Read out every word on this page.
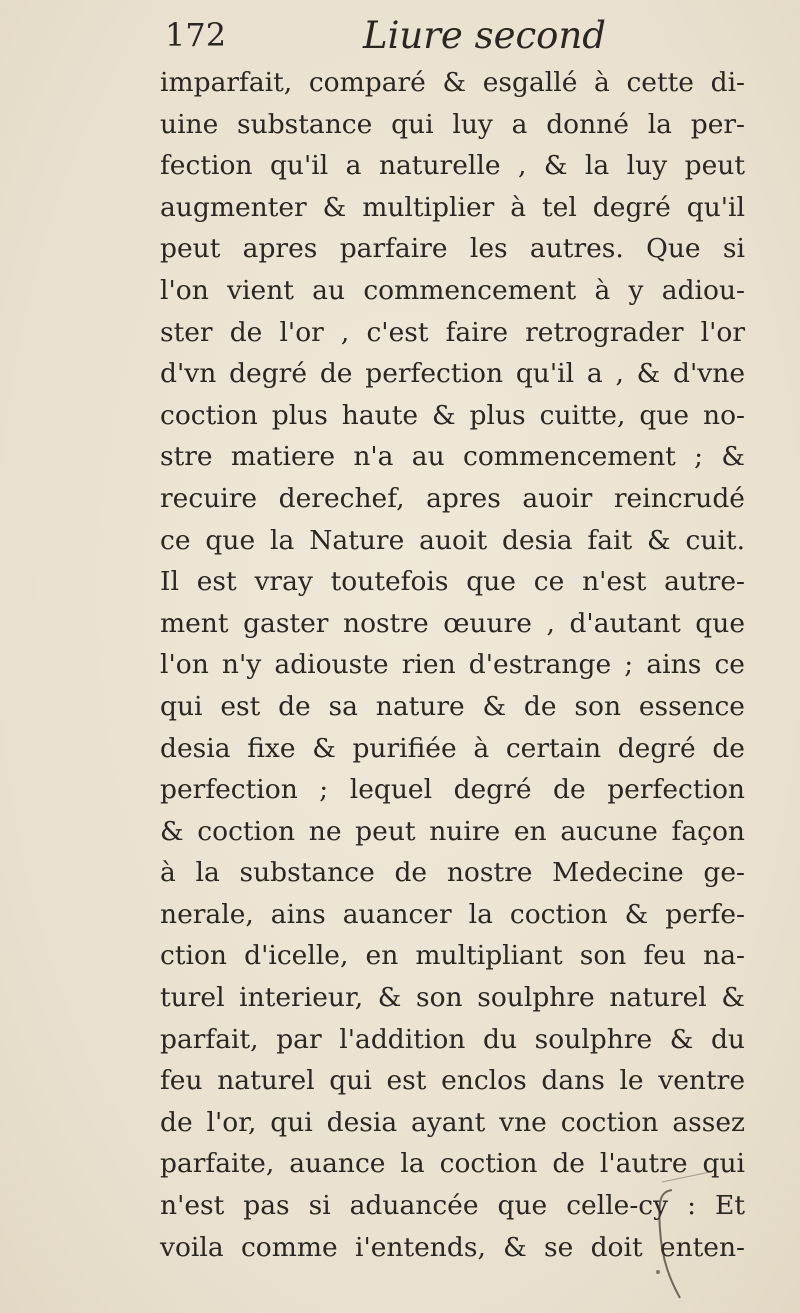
172	Liure second
imparfait, comparé & esgallé à cette di-
uine substance qui luy a donné la per-
fection qu'il a naturelle , & la luy peut
augmenter & multiplier à tel degré qu'il
peut apres parfaire les autres. Que si
l'on vient au commencement à y adiou-
ster de l'or , c'est faire retrograder l'or
d'vn degré de perfection qu'il a , & d'vne
coction plus haute & plus cuitte, que no-
stre matiere n'a au commencement ; &
recuire derechef, apres auoir reincrudé
ce que la Nature auoit desia fait & cuit.
Il est vray toutefois que ce n'est autre-
ment gaster nostre œuure , d'autant que
l'on n'y adiouste rien d'estrange ; ains ce
qui est de sa nature & de son essence
desia fixe & purifiée à certain degré de
perfection ; lequel degré de perfection
& coction ne peut nuire en aucune façon
à la substance de nostre Medecine ge-
nerale, ains auancer la coction & perfe-
ction d'icelle, en multipliant son feu na-
turel interieur, & son soulphre naturel &
parfait, par l'addition du soulphre & du
feu naturel qui est enclos dans le ventre
de l'or, qui desia ayant vne coction assez
parfaite, auance la coction de l'autre qui
n'est pas si aduancée que celle-cy : Et
voila comme i'entends, & se doit enten-
